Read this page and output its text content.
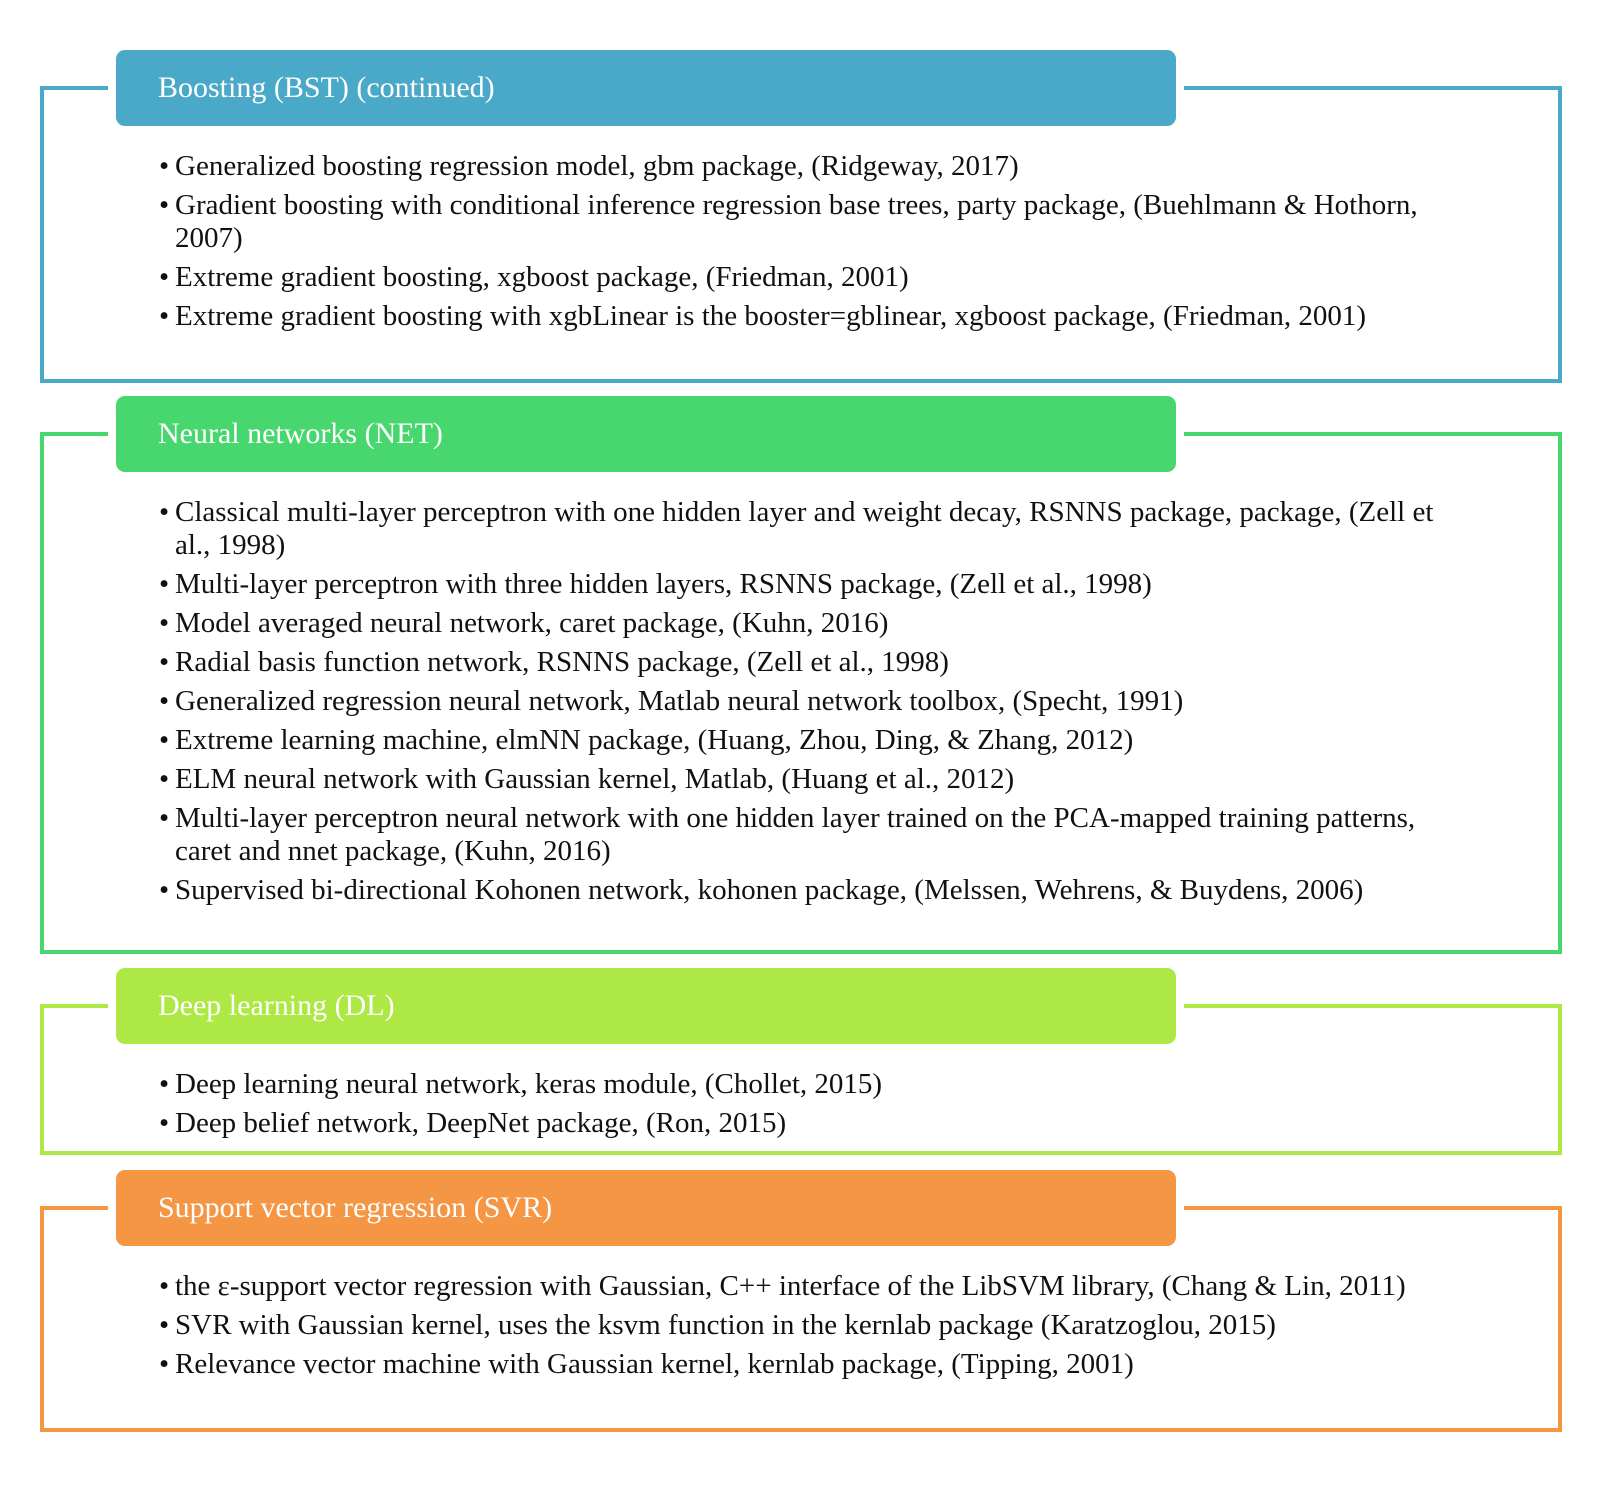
Boosting (BST) (continued)
• Generalized boosting regression model, gbm package, (Ridgeway, 2017)
• Gradient boosting with conditional inference regression base trees, party package, (Buehlmann & Hothorn, 2007)
• Extreme gradient boosting, xgboost package, (Friedman, 2001)
• Extreme gradient boosting with xgbLinear is the booster=gblinear, xgboost package, (Friedman, 2001)
Neural networks (NET)
• Classical multi-layer perceptron with one hidden layer and weight decay, RSNNS package, package, (Zell et al., 1998)
• Multi-layer perceptron with three hidden layers, RSNNS package, (Zell et al., 1998)
• Model averaged neural network, caret package, (Kuhn, 2016)
• Radial basis function network, RSNNS package, (Zell et al., 1998)
• Generalized regression neural network, Matlab neural network toolbox, (Specht, 1991)
• Extreme learning machine, elmNN package, (Huang, Zhou, Ding, & Zhang, 2012)
• ELM neural network with Gaussian kernel, Matlab, (Huang et al., 2012)
• Multi-layer perceptron neural network with one hidden layer trained on the PCA-mapped training patterns, caret and nnet package, (Kuhn, 2016)
• Supervised bi-directional Kohonen network, kohonen package, (Melssen, Wehrens, & Buydens, 2006)
Deep learning (DL)
• Deep learning neural network, keras module, (Chollet, 2015)
• Deep belief network, DeepNet package, (Ron, 2015)
Support vector regression (SVR)
• the ε-support vector regression with Gaussian, C++ interface of the LibSVM library, (Chang & Lin, 2011)
• SVR with Gaussian kernel, uses the ksvm function in the kernlab package (Karatzoglou, 2015)
• Relevance vector machine with Gaussian kernel, kernlab package, (Tipping, 2001)
